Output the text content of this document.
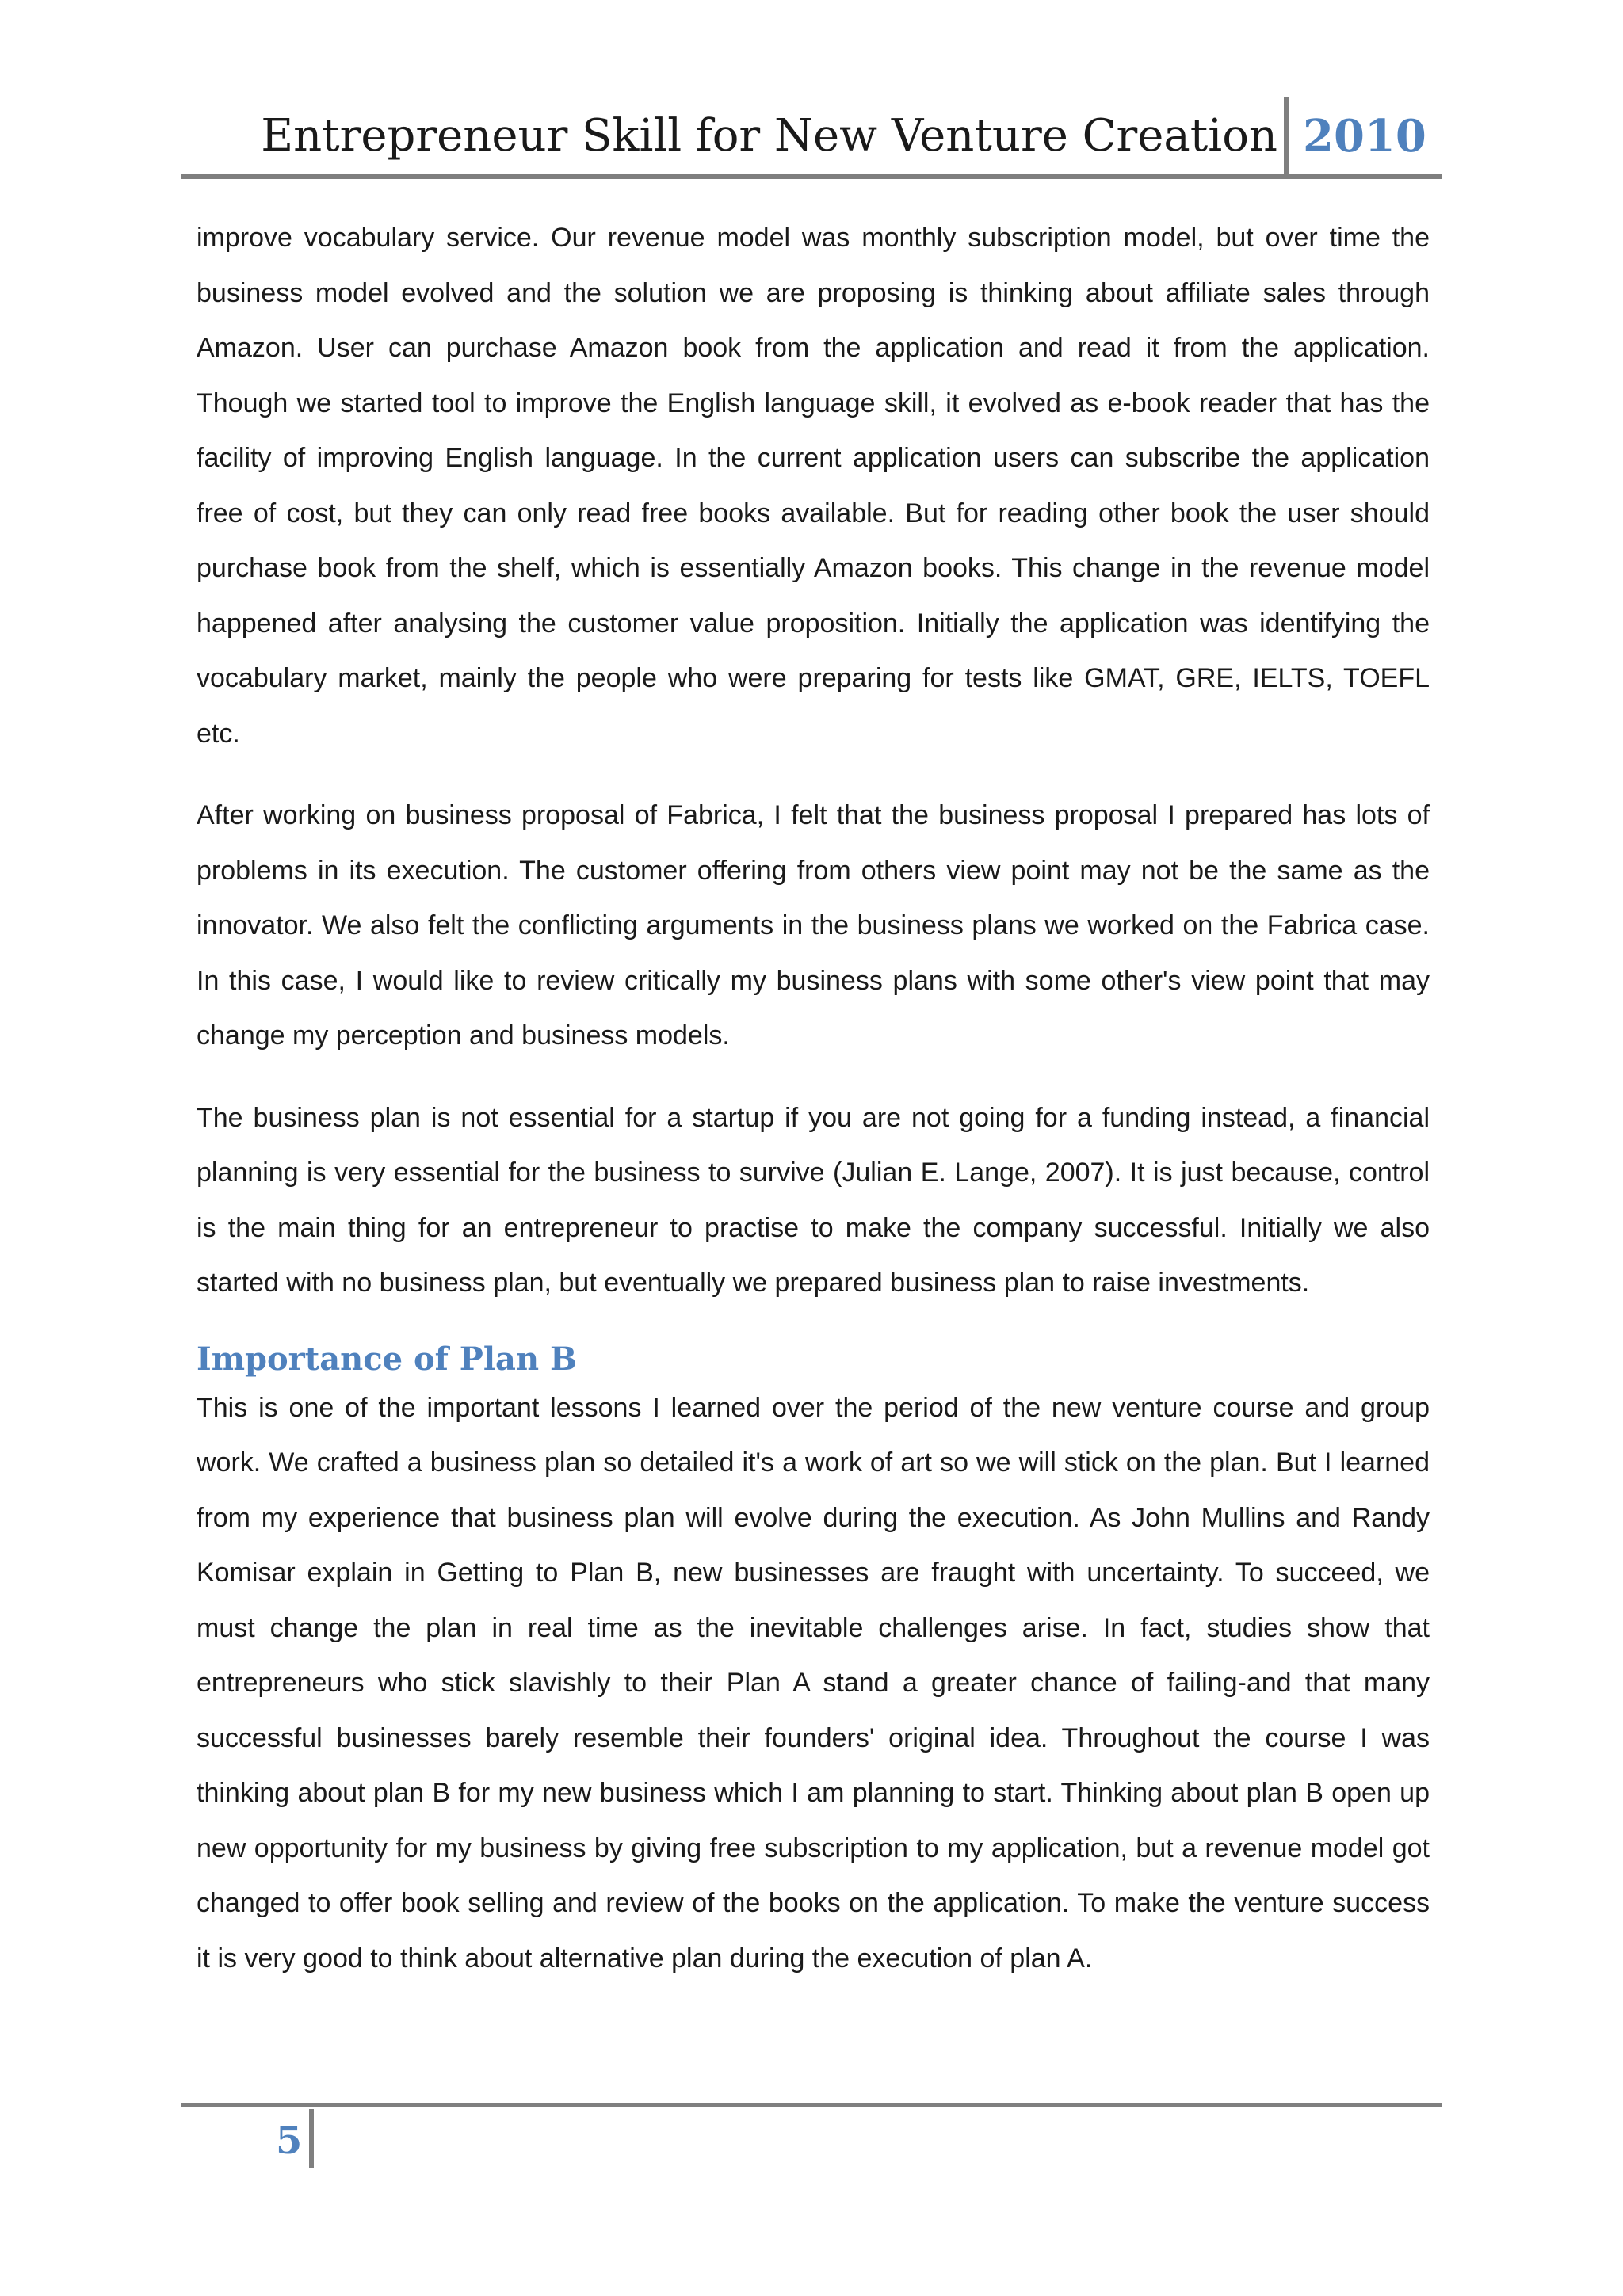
Entrepreneur Skill for New Venture Creation 2010

improve vocabulary service. Our revenue model was monthly subscription model, but over time the business model evolved and the solution we are proposing is thinking about affiliate sales through Amazon. User can purchase Amazon book from the application and read it from the application. Though we started tool to improve the English language skill, it evolved as e-book reader that has the facility of improving English language. In the current application users can subscribe the application free of cost, but they can only read free books available. But for reading other book the user should purchase book from the shelf, which is essentially Amazon books. This change in the revenue model happened after analysing the customer value proposition. Initially the application was identifying the vocabulary market, mainly the people who were preparing for tests like GMAT, GRE, IELTS, TOEFL etc.

After working on business proposal of Fabrica, I felt that the business proposal I prepared has lots of problems in its execution. The customer offering from others view point may not be the same as the innovator. We also felt the conflicting arguments in the business plans we worked on the Fabrica case. In this case, I would like to review critically my business plans with some other's view point that may change my perception and business models.

The business plan is not essential for a startup if you are not going for a funding instead, a financial planning is very essential for the business to survive (Julian E. Lange, 2007). It is just because, control is the main thing for an entrepreneur to practise to make the company successful. Initially we also started with no business plan, but eventually we prepared business plan to raise investments.

Importance of Plan B

This is one of the important lessons I learned over the period of the new venture course and group work. We crafted a business plan so detailed it's a work of art so we will stick on the plan. But I learned from my experience that business plan will evolve during the execution. As John Mullins and Randy Komisar explain in Getting to Plan B, new businesses are fraught with uncertainty. To succeed, we must change the plan in real time as the inevitable challenges arise. In fact, studies show that entrepreneurs who stick slavishly to their Plan A stand a greater chance of failing-and that many successful businesses barely resemble their founders' original idea. Throughout the course I was thinking about plan B for my new business which I am planning to start. Thinking about plan B open up new opportunity for my business by giving free subscription to my application, but a revenue model got changed to offer book selling and review of the books on the application. To make the venture success it is very good to think about alternative plan during the execution of plan A.

5
